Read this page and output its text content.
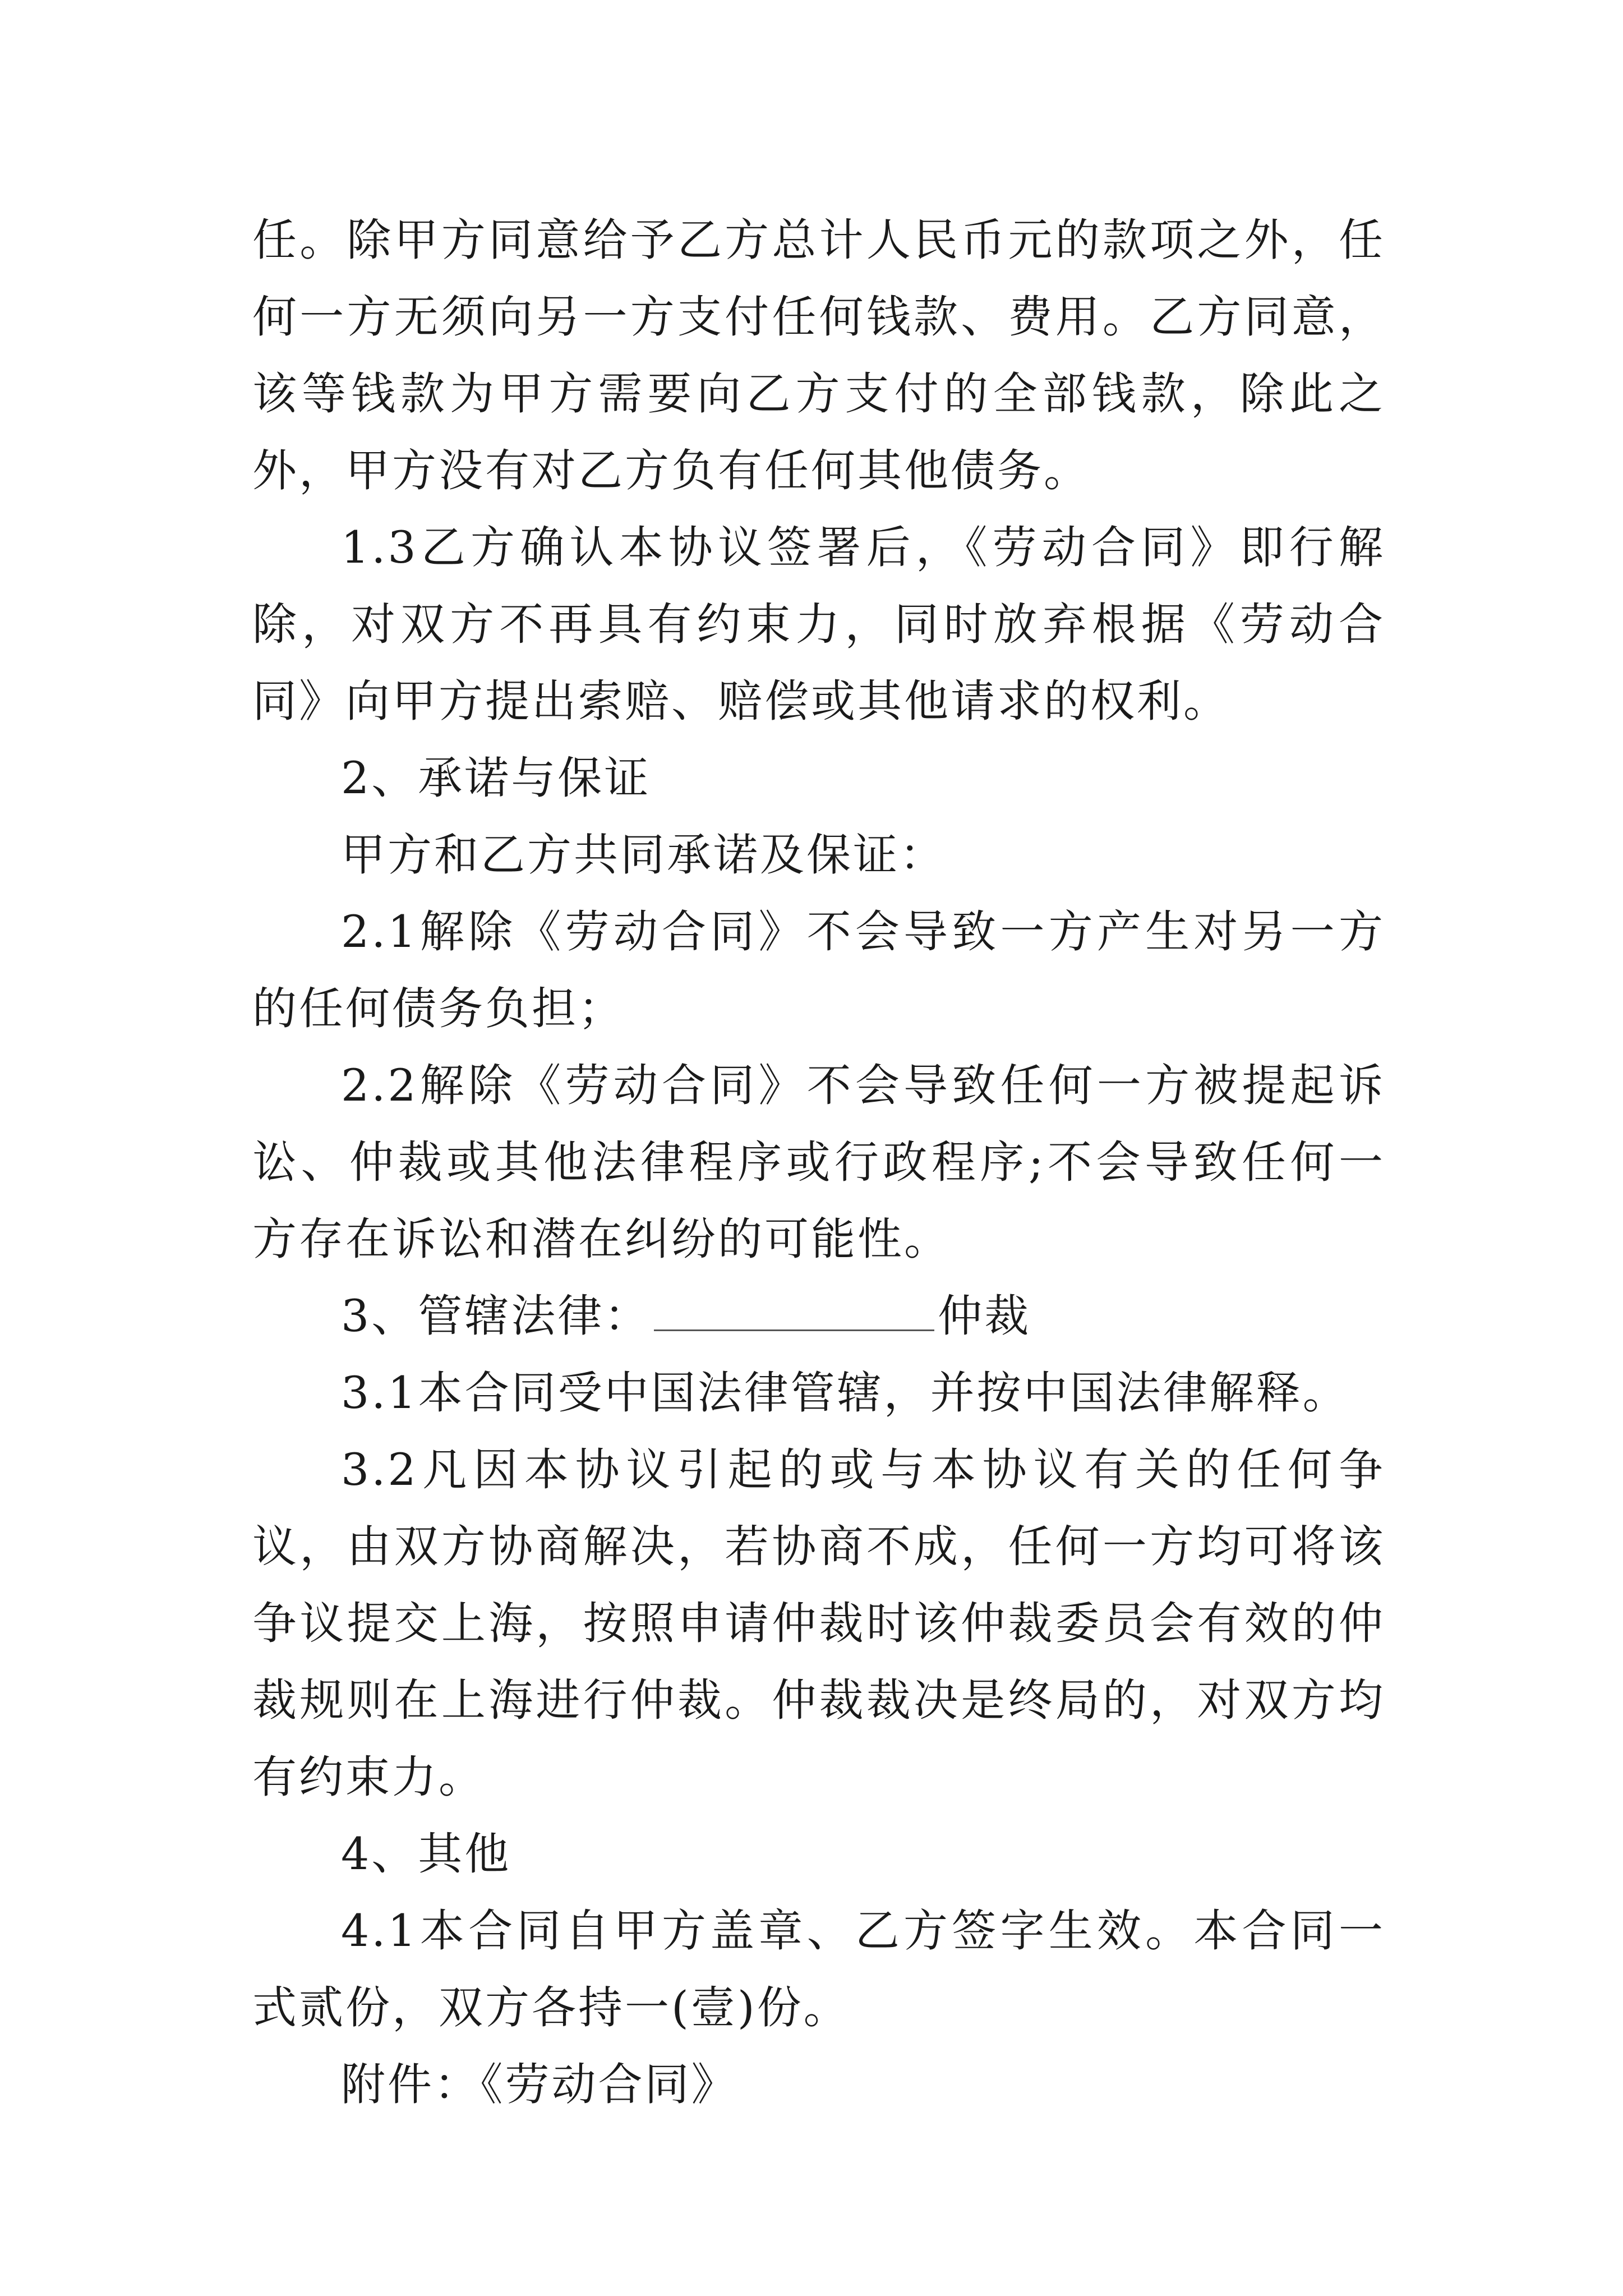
任。除甲方同意给予乙方总计人民币元的款项之外，任何一方无须向另一方支付任何钱款、费用。乙方同意，该等钱款为甲方需要向乙方支付的全部钱款，除此之外，甲方没有对乙方负有任何其他债务。

1.3乙方确认本协议签署后，《劳动合同》即行解除，对双方不再具有约束力，同时放弃根据《劳动合同》向甲方提出索赔、赔偿或其他请求的权利。

2、承诺与保证

甲方和乙方共同承诺及保证：

2.1解除《劳动合同》不会导致一方产生对另一方的任何债务负担；

2.2解除《劳动合同》不会导致任何一方被提起诉讼、仲裁或其他法律程序或行政程序;不会导致任何一方存在诉讼和潜在纠纷的可能性。

3、管辖法律：	仲裁

3.1本合同受中国法律管辖，并按中国法律解释。

3.2凡因本协议引起的或与本协议有关的任何争议，由双方协商解决，若协商不成，任何一方均可将该争议提交上海，按照申请仲裁时该仲裁委员会有效的仲裁规则在上海进行仲裁。仲裁裁决是终局的，对双方均有约束力。

4、其他

4.1本合同自甲方盖章、乙方签字生效。本合同一式贰份，双方各持一(壹)份。

附件：《劳动合同》
